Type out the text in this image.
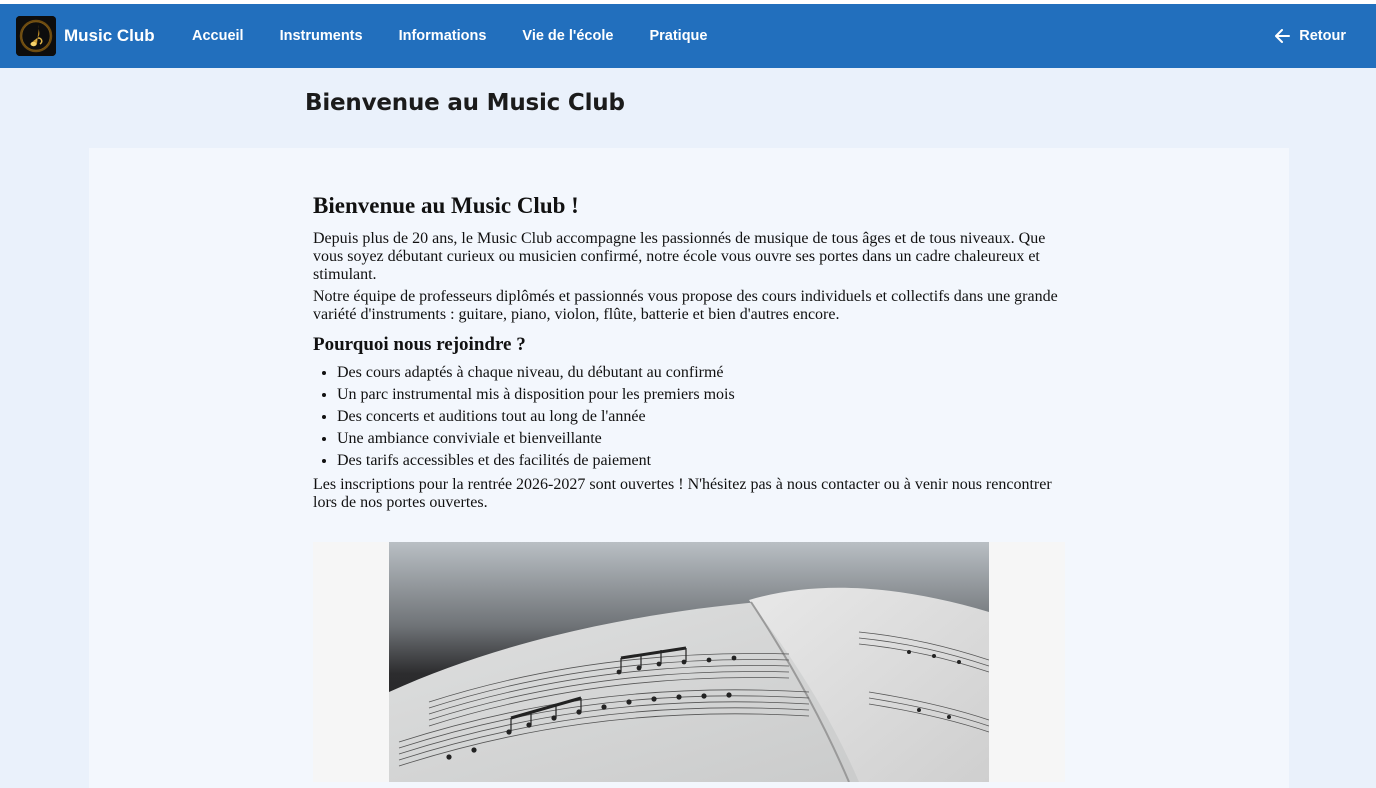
Music Club	Accueil Instruments Informations Vie de l'école Pratique	Retour
Bienvenue au Music Club
Bienvenue au Music Club !

Depuis plus de 20 ans, le Music Club accompagne les passionnés de musique de tous âges et de tous niveaux. Que vous soyez débutant curieux ou musicien confirmé, notre école vous ouvre ses portes dans un cadre chaleureux et stimulant.

Notre équipe de professeurs diplômés et passionnés vous propose des cours individuels et collectifs dans une grande variété d'instruments : guitare, piano, violon, flûte, batterie et bien d'autres encore.

Pourquoi nous rejoindre ?
• Des cours adaptés à chaque niveau, du débutant au confirmé
• Un parc instrumental mis à disposition pour les premiers mois
• Des concerts et auditions tout au long de l'année
• Une ambiance conviviale et bienveillante
• Des tarifs accessibles et des facilités de paiement

Les inscriptions pour la rentrée 2026-2027 sont ouvertes ! N'hésitez pas à nous contacter ou à venir nous rencontrer lors de nos portes ouvertes.
